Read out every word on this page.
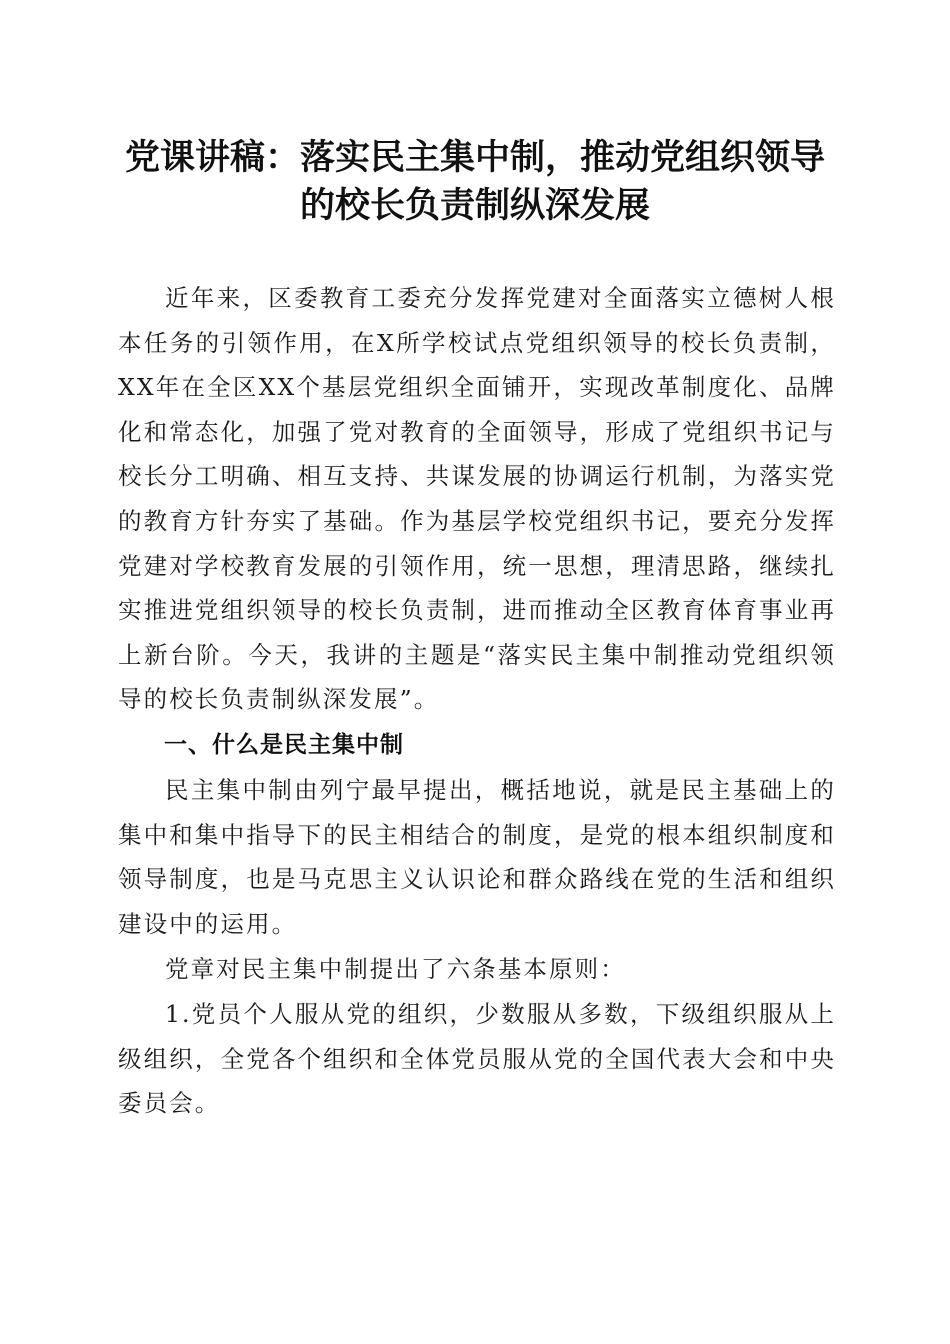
党课讲稿：落实民主集中制，推动党组织领导
的校长负责制纵深发展

近年来，区委教育工委充分发挥党建对全面落实立德树人根本任务的引领作用，在X所学校试点党组织领导的校长负责制，XX年在全区XX个基层党组织全面铺开，实现改革制度化、品牌化和常态化，加强了党对教育的全面领导，形成了党组织书记与校长分工明确、相互支持、共谋发展的协调运行机制，为落实党的教育方针夯实了基础。作为基层学校党组织书记，要充分发挥党建对学校教育发展的引领作用，统一思想，理清思路，继续扎实推进党组织领导的校长负责制，进而推动全区教育体育事业再上新台阶。今天，我讲的主题是“落实民主集中制推动党组织领导的校长负责制纵深发展”。

一、什么是民主集中制

民主集中制由列宁最早提出，概括地说，就是民主基础上的集中和集中指导下的民主相结合的制度，是党的根本组织制度和领导制度，也是马克思主义认识论和群众路线在党的生活和组织建设中的运用。

党章对民主集中制提出了六条基本原则：

1.党员个人服从党的组织，少数服从多数，下级组织服从上级组织，全党各个组织和全体党员服从党的全国代表大会和中央委员会。
